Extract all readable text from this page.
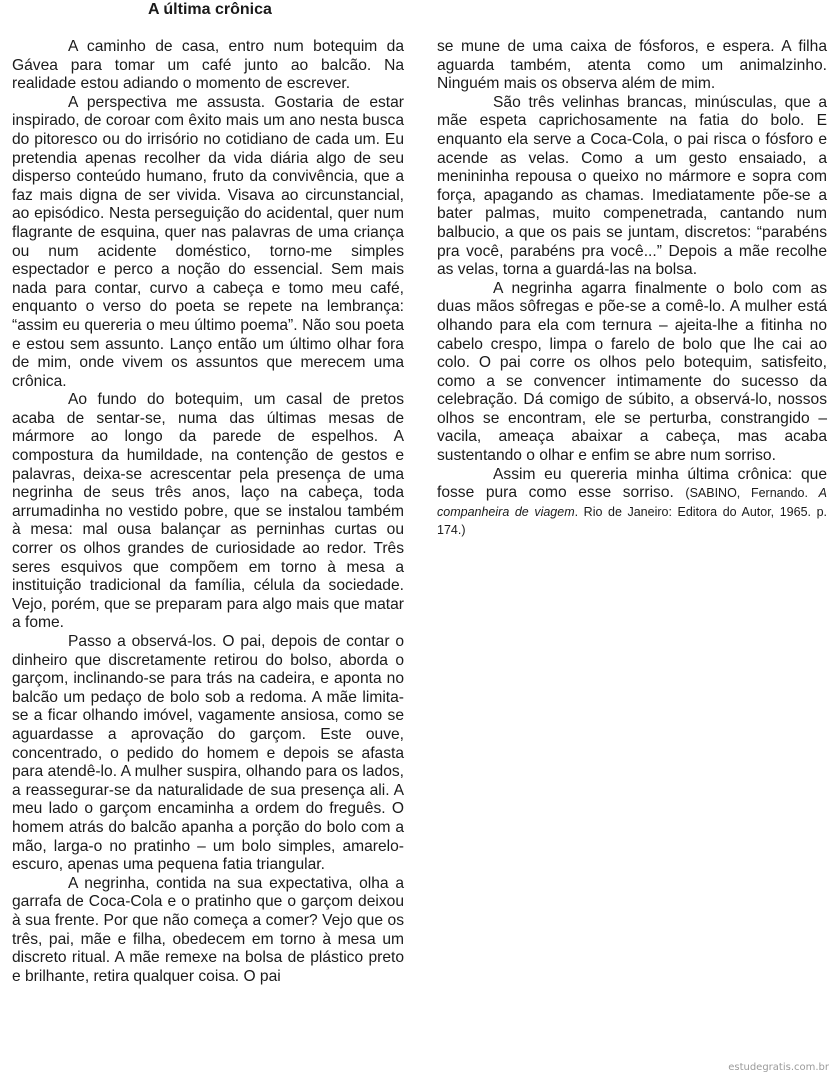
A última crônica

A caminho de casa, entro num botequim da Gávea para tomar um café junto ao balcão. Na realidade estou adiando o momento de escrever.

A perspectiva me assusta. Gostaria de estar inspirado, de coroar com êxito mais um ano nesta busca do pitoresco ou do irrisório no cotidiano de cada um. Eu pretendia apenas recolher da vida diária algo de seu disperso conteúdo humano, fruto da convivência, que a faz mais digna de ser vivida. Visava ao circunstancial, ao episódico. Nesta perseguição do acidental, quer num flagrante de esquina, quer nas palavras de uma criança ou num acidente doméstico, torno-me simples espectador e perco a noção do essencial. Sem mais nada para contar, curvo a cabeça e tomo meu café, enquanto o verso do poeta se repete na lembrança: “assim eu quereria o meu último poema”. Não sou poeta e estou sem assunto. Lanço então um último olhar fora de mim, onde vivem os assuntos que merecem uma crônica.

Ao fundo do botequim, um casal de pretos acaba de sentar-se, numa das últimas mesas de mármore ao longo da parede de espelhos. A compostura da humildade, na contenção de gestos e palavras, deixa-se acrescentar pela presença de uma negrinha de seus três anos, laço na cabeça, toda arrumadinha no vestido pobre, que se instalou também à mesa: mal ousa balançar as perninhas curtas ou correr os olhos grandes de curiosidade ao redor. Três seres esquivos que compõem em torno à mesa a instituição tradicional da família, célula da sociedade. Vejo, porém, que se preparam para algo mais que matar a fome.

Passo a observá-los. O pai, depois de contar o dinheiro que discretamente retirou do bolso, aborda o garçom, inclinando-se para trás na cadeira, e aponta no balcão um pedaço de bolo sob a redoma. A mãe limita-se a ficar olhando imóvel, vagamente ansiosa, como se aguardasse a aprovação do garçom. Este ouve, concentrado, o pedido do homem e depois se afasta para atendê-lo. A mulher suspira, olhando para os lados, a reassegurar-se da naturalidade de sua presença ali. A meu lado o garçom encaminha a ordem do freguês. O homem atrás do balcão apanha a porção do bolo com a mão, larga-o no pratinho – um bolo simples, amarelo-escuro, apenas uma pequena fatia triangular.

A negrinha, contida na sua expectativa, olha a garrafa de Coca-Cola e o pratinho que o garçom deixou à sua frente. Por que não começa a comer? Vejo que os três, pai, mãe e filha, obedecem em torno à mesa um discreto ritual. A mãe remexe na bolsa de plástico preto e brilhante, retira qualquer coisa. O pai

se mune de uma caixa de fósforos, e espera. A filha aguarda também, atenta como um animalzinho. Ninguém mais os observa além de mim.

São três velinhas brancas, minúsculas, que a mãe espeta caprichosamente na fatia do bolo. E enquanto ela serve a Coca-Cola, o pai risca o fósforo e acende as velas. Como a um gesto ensaiado, a menininha repousa o queixo no mármore e sopra com força, apagando as chamas. Imediatamente põe-se a bater palmas, muito compenetrada, cantando num balbucio, a que os pais se juntam, discretos: “parabéns pra você, parabéns pra você...” Depois a mãe recolhe as velas, torna a guardá-las na bolsa.

A negrinha agarra finalmente o bolo com as duas mãos sôfregas e põe-se a comê-lo. A mulher está olhando para ela com ternura – ajeita-lhe a fitinha no cabelo crespo, limpa o farelo de bolo que lhe cai ao colo. O pai corre os olhos pelo botequim, satisfeito, como a se convencer intimamente do sucesso da celebração. Dá comigo de súbito, a observá-lo, nossos olhos se encontram, ele se perturba, constrangido – vacila, ameaça abaixar a cabeça, mas acaba sustentando o olhar e enfim se abre num sorriso.

Assim eu quereria minha última crônica: que fosse pura como esse sorriso. (SABINO, Fernando. A companheira de viagem. Rio de Janeiro: Editora do Autor, 1965. p. 174.)

estudegratis.com.br
